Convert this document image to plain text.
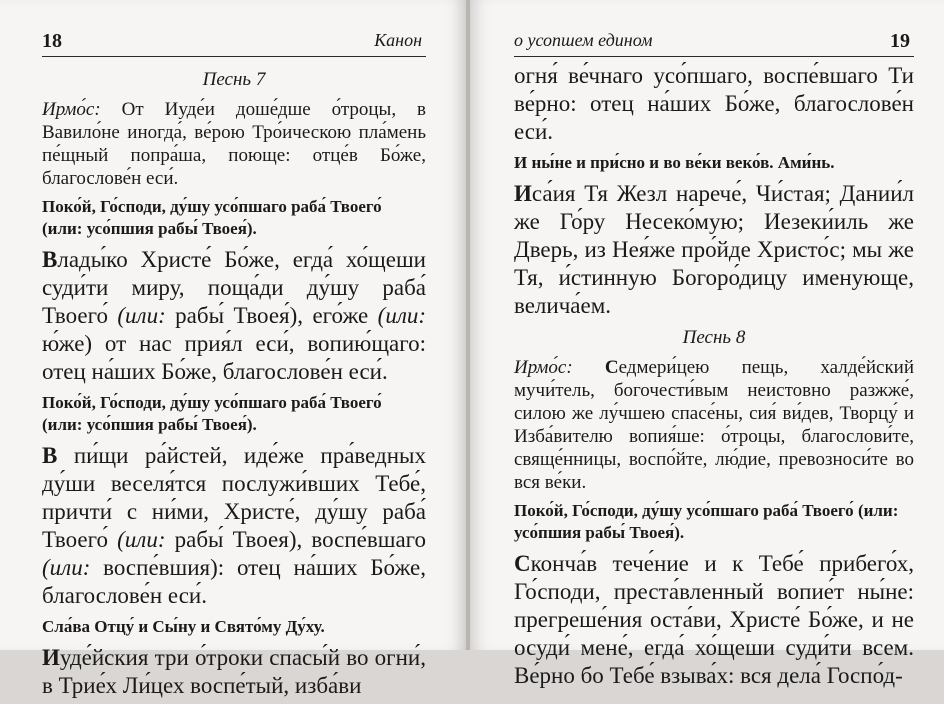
18	Канон
Песнь 7

Ирмо́с: От Иуде́и доше́дше о́троцы, в Вавило́не иногда́, ве́рою Тро́ическою пла́мень пе́щный попра́ша, поюще: отце́в Бо́же, благослове́н еси́.

Поко́й, Го́споди, ду́шу усо́пшаго раба́ Твоего́ (или: усо́пшия рабы́ Твоея́).

Влады́ко Христе́ Бо́же, егда́ хо́щеши суди́ти миру, поща́ди ду́шу раба́ Твоего́ (или: рабы́ Твоея́), его́же (или: ю́же) от нас прия́л еси́, вопию́щаго: отец на́ших Бо́же, благослове́н еси́.

Поко́й, Го́споди, ду́шу усо́пшаго раба́ Твоего́ (или: усо́пшия рабы́ Твоея́).

В пи́щи ра́йстей, иде́же пра́ведных ду́ши веселя́тся послужи́вших Тебе́, причти́ с ни́ми, Христе́, ду́шу раба́ Твоего́ (или: рабы́ Твоея), воспе́вшаго (или: воспе́вшия): отец на́ших Бо́же, благослове́н еси́.

Сла́ва Отцу́ и Сы́ну и Свято́му Ду́ху.

Иуде́йския три о́троки спасы́й во огни́, в Трие́х Ли́цех воспе́тый, изба́ви

о усопшем едином	19

огня́ ве́чнаго усо́пшаго, воспе́вшаго Ти ве́рно: отец на́ших Бо́же, благослове́н еси́.

И ны́не и при́сно и во ве́ки веко́в. Ами́нь.

Иса́ия Тя Жезл нарече́, Чи́стая; Дании́л же Го́ру Несеко́мую; Иезеки́иль же Дверь, из Нея́же про́йде Христо́с; мы же Тя, и́стинную Богоро́дицу именующе, велича́ем.

Песнь 8

Ирмо́с: Седмери́цею пещь, халде́йский мучи́тель, богочести́вым неистовно разжже́, силою же лу́чшею спасе́ны, сия́ ви́дев, Творцу́ и Изба́вителю вопия́ше: о́троцы, благослови́те, свяще́нницы, воспо́йте, лю́дие, превозноси́те во вся ве́ки.

Поко́й, Го́споди, ду́шу усо́пшаго раба́ Твоего́ (или: усо́пшия рабы́ Твоея́).

Сконча́в тече́ние и к Тебе́ прибего́х, Го́споди, преста́вленный вопие́т ны́не: прегреше́ния оста́ви, Христе́ Бо́же, и не осуди́ мене́, егда́ хо́щеши суди́ти всем. Ве́рно бо Тебе́ взыва́х: вся дела́ Госпо́д-
